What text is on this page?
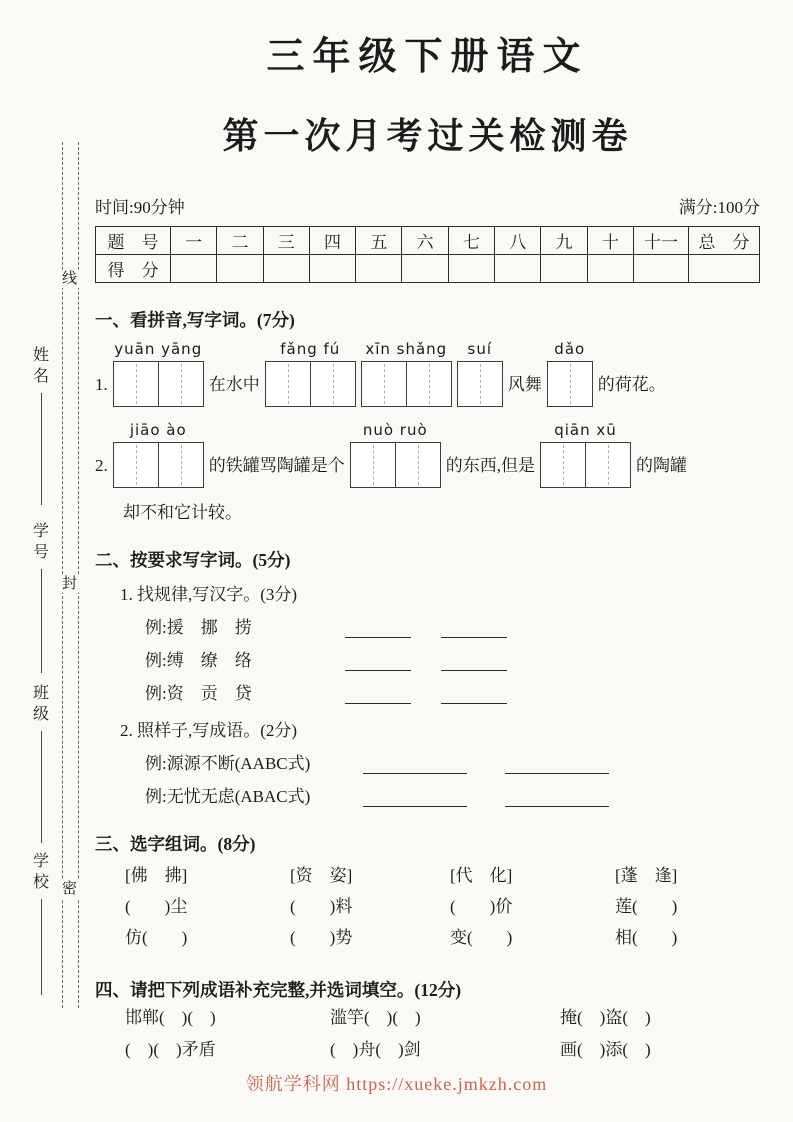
线
封
密
姓名
学号
班级
学校
三年级下册语文
第一次月考过关检测卷
时间:90分钟	满分:100分
题　号	一	二	三	四	五	六	七	八	九	十	十一	总　分
得　分												
一、看拼音,写字词。(7分)
1.
yuān yāng
在水中
fǎng fú xīn shǎng suí
风舞
dǎo
的荷花。
2.
jiāo ào
的铁罐骂陶罐是个
nuò ruò
的东西,但是
qiān xū
的陶罐
却不和它计较。
二、按要求写字词。(5分)
1. 找规律,写汉字。(3分)
例:援　挪　捞
例:缚　缭　络
例:资　贡　贷
2. 照样子,写成语。(2分)
例:源源不断(AABC式)
例:无忧无虑(ABAC式)
三、选字组词。(8分)
[佛　拂]
(　　)尘
仿(　　)
[资　姿]
(　　)料
(　　)势
[代　化]
(　　)价
变(　　)
[蓬　逢]
莲(　　)
相(　　)
四、请把下列成语补充完整,并选词填空。(12分)
邯郸(　)(　)	滥竽(　)(　)	掩(　)盗(　)
(　)(　)矛盾	(　)舟(　)剑	画(　)添(　)
领航学科网 https://xueke.jmkzh.com
